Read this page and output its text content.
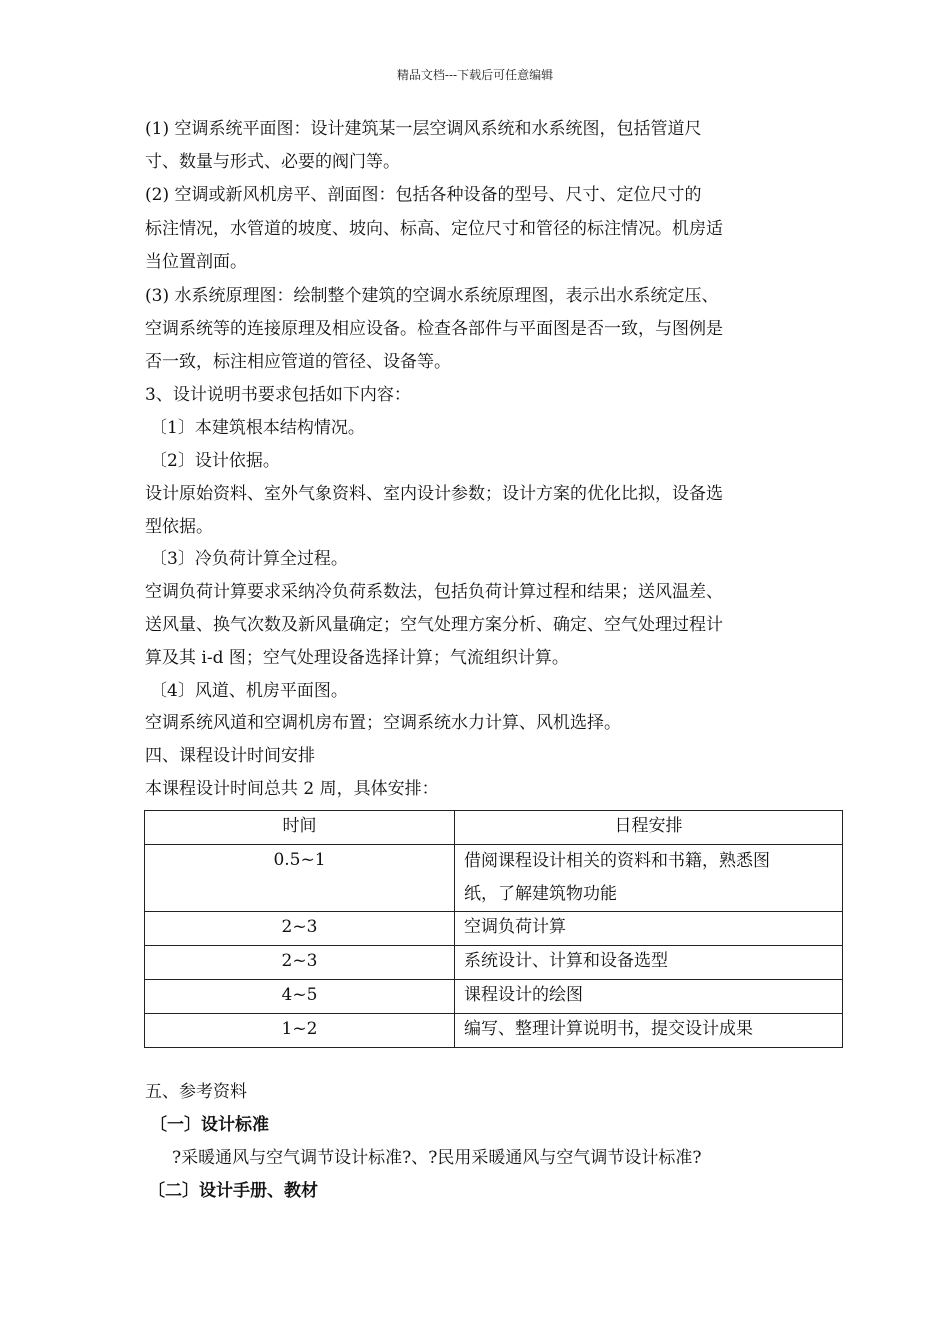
精品文档---下载后可任意编辑
(1) 空调系统平面图：设计建筑某一层空调风系统和水系统图，包括管道尺
寸、数量与形式、必要的阀门等。
(2) 空调或新风机房平、剖面图：包括各种设备的型号、尺寸、定位尺寸的
标注情况，水管道的坡度、坡向、标高、定位尺寸和管径的标注情况。机房适
当位置剖面。
(3) 水系统原理图：绘制整个建筑的空调水系统原理图，表示出水系统定压、
空调系统等的连接原理及相应设备。检查各部件与平面图是否一致，与图例是
否一致，标注相应管道的管径、设备等。
3、设计说明书要求包括如下内容：
〔1〕本建筑根本结构情况。
〔2〕设计依据。
设计原始资料、室外气象资料、室内设计参数；设计方案的优化比拟，设备选
型依据。
〔3〕冷负荷计算全过程。
空调负荷计算要求采纳冷负荷系数法，包括负荷计算过程和结果；送风温差、
送风量、换气次数及新风量确定；空气处理方案分析、确定、空气处理过程计
算及其 i-d 图；空气处理设备选择计算；气流组织计算。
〔4〕风道、机房平面图。
空调系统风道和空调机房布置；空调系统水力计算、风机选择。
四、课程设计时间安排
本课程设计时间总共 2 周，具体安排：
时间	日程安排
0.5~1	借阅课程设计相关的资料和书籍，熟悉图
纸，了解建筑物功能

2~3	空调负荷计算
2~3	系统设计、计算和设备选型
4~5	课程设计的绘图
1~2	编写、整理计算说明书，提交设计成果
五、参考资料
〔一〕设计标准
?采暖通风与空气调节设计标准?、?民用采暖通风与空气调节设计标准?
〔二〕设计手册、教材
